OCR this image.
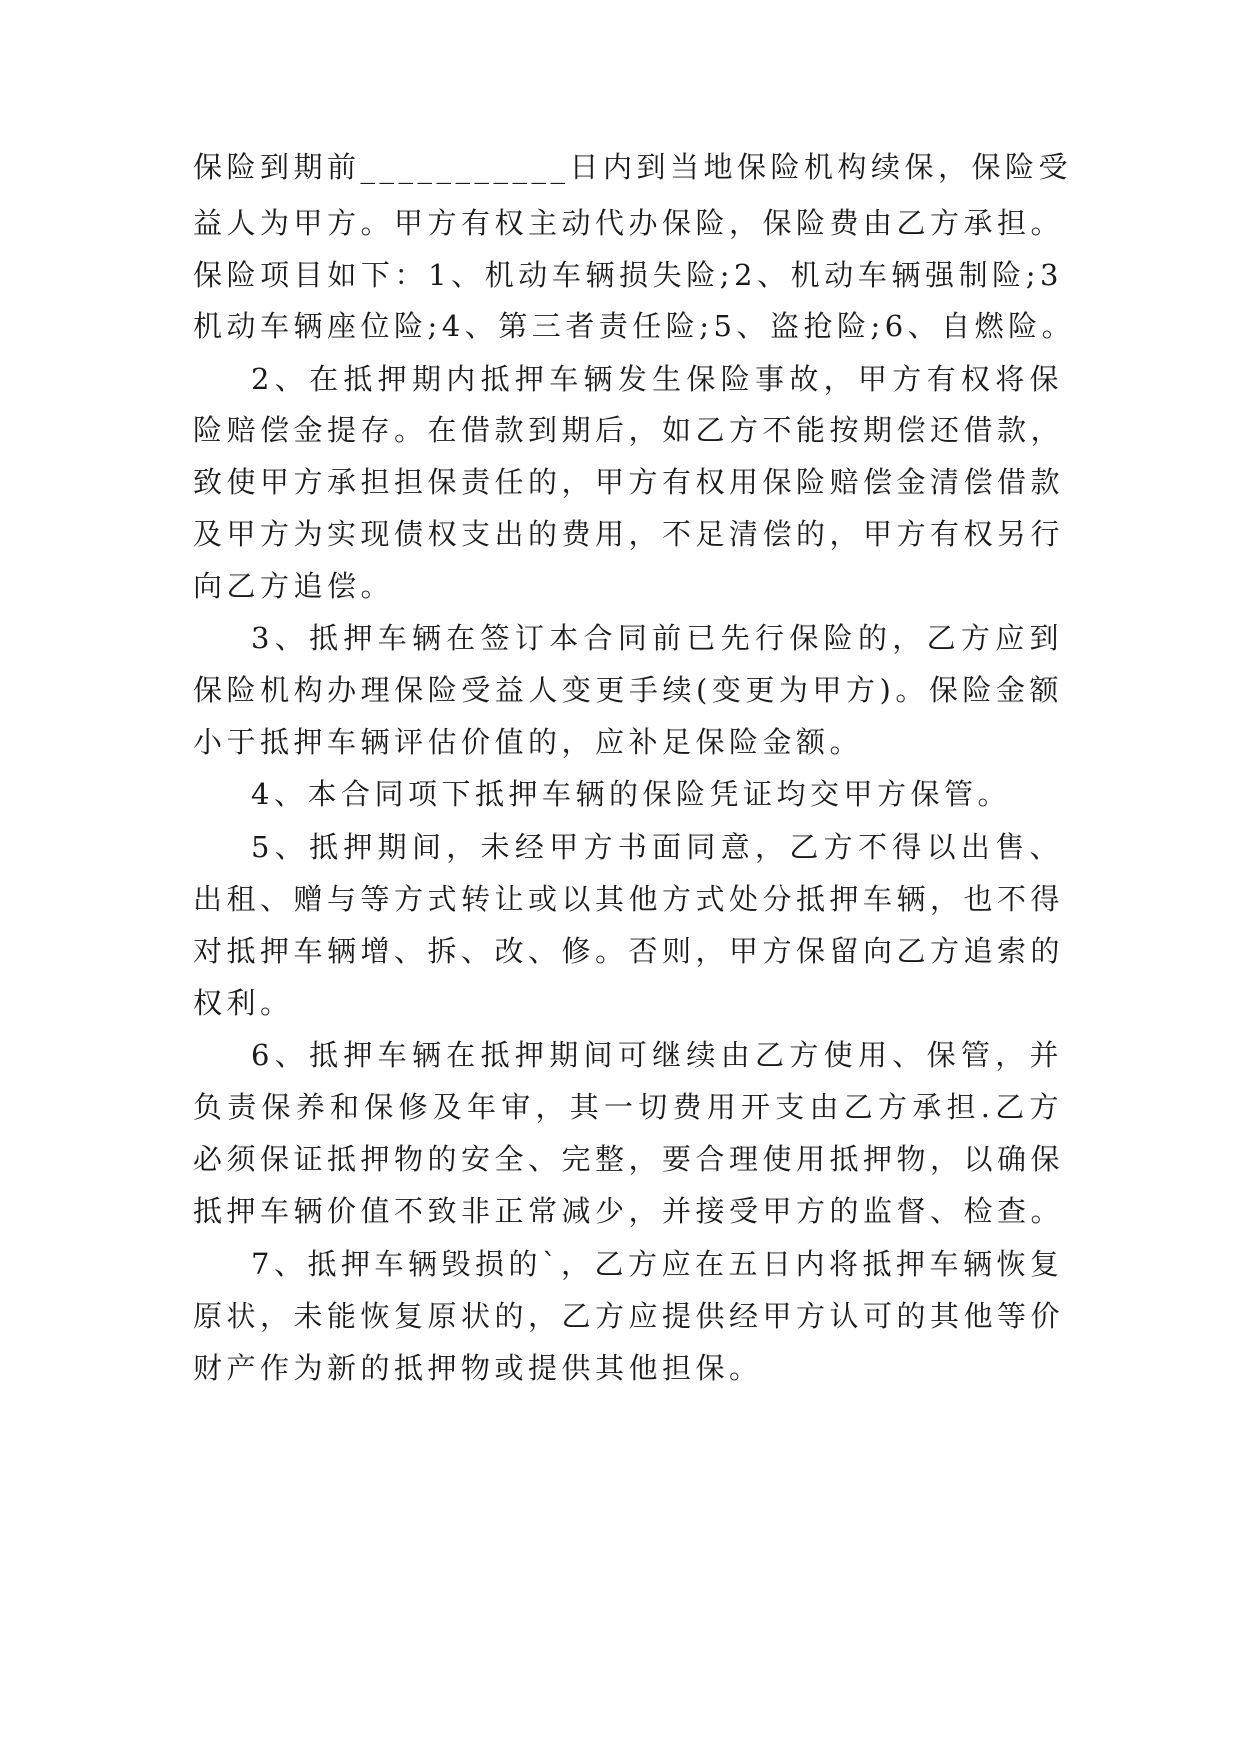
保险到期前___________日内到当地保险机构续保，保险受
益人为甲方。甲方有权主动代办保险，保险费由乙方承担。
保险项目如下：1、机动车辆损失险;2、机动车辆强制险;3
机动车辆座位险;4、第三者责任险;5、盗抢险;6、自燃险。
2、在抵押期内抵押车辆发生保险事故，甲方有权将保
险赔偿金提存。在借款到期后，如乙方不能按期偿还借款，
致使甲方承担担保责任的，甲方有权用保险赔偿金清偿借款
及甲方为实现债权支出的费用，不足清偿的，甲方有权另行
向乙方追偿。
3、抵押车辆在签订本合同前已先行保险的，乙方应到
保险机构办理保险受益人变更手续(变更为甲方)。保险金额
小于抵押车辆评估价值的，应补足保险金额。
4、本合同项下抵押车辆的保险凭证均交甲方保管。
5、抵押期间，未经甲方书面同意，乙方不得以出售、
出租、赠与等方式转让或以其他方式处分抵押车辆，也不得
对抵押车辆增、拆、改、修。否则，甲方保留向乙方追索的
权利。
6、抵押车辆在抵押期间可继续由乙方使用、保管，并
负责保养和保修及年审，其一切费用开支由乙方承担.乙方
必须保证抵押物的安全、完整，要合理使用抵押物，以确保
抵押车辆价值不致非正常减少，并接受甲方的监督、检查。
7、抵押车辆毁损的`，乙方应在五日内将抵押车辆恢复
原状，未能恢复原状的，乙方应提供经甲方认可的其他等价
财产作为新的抵押物或提供其他担保。
